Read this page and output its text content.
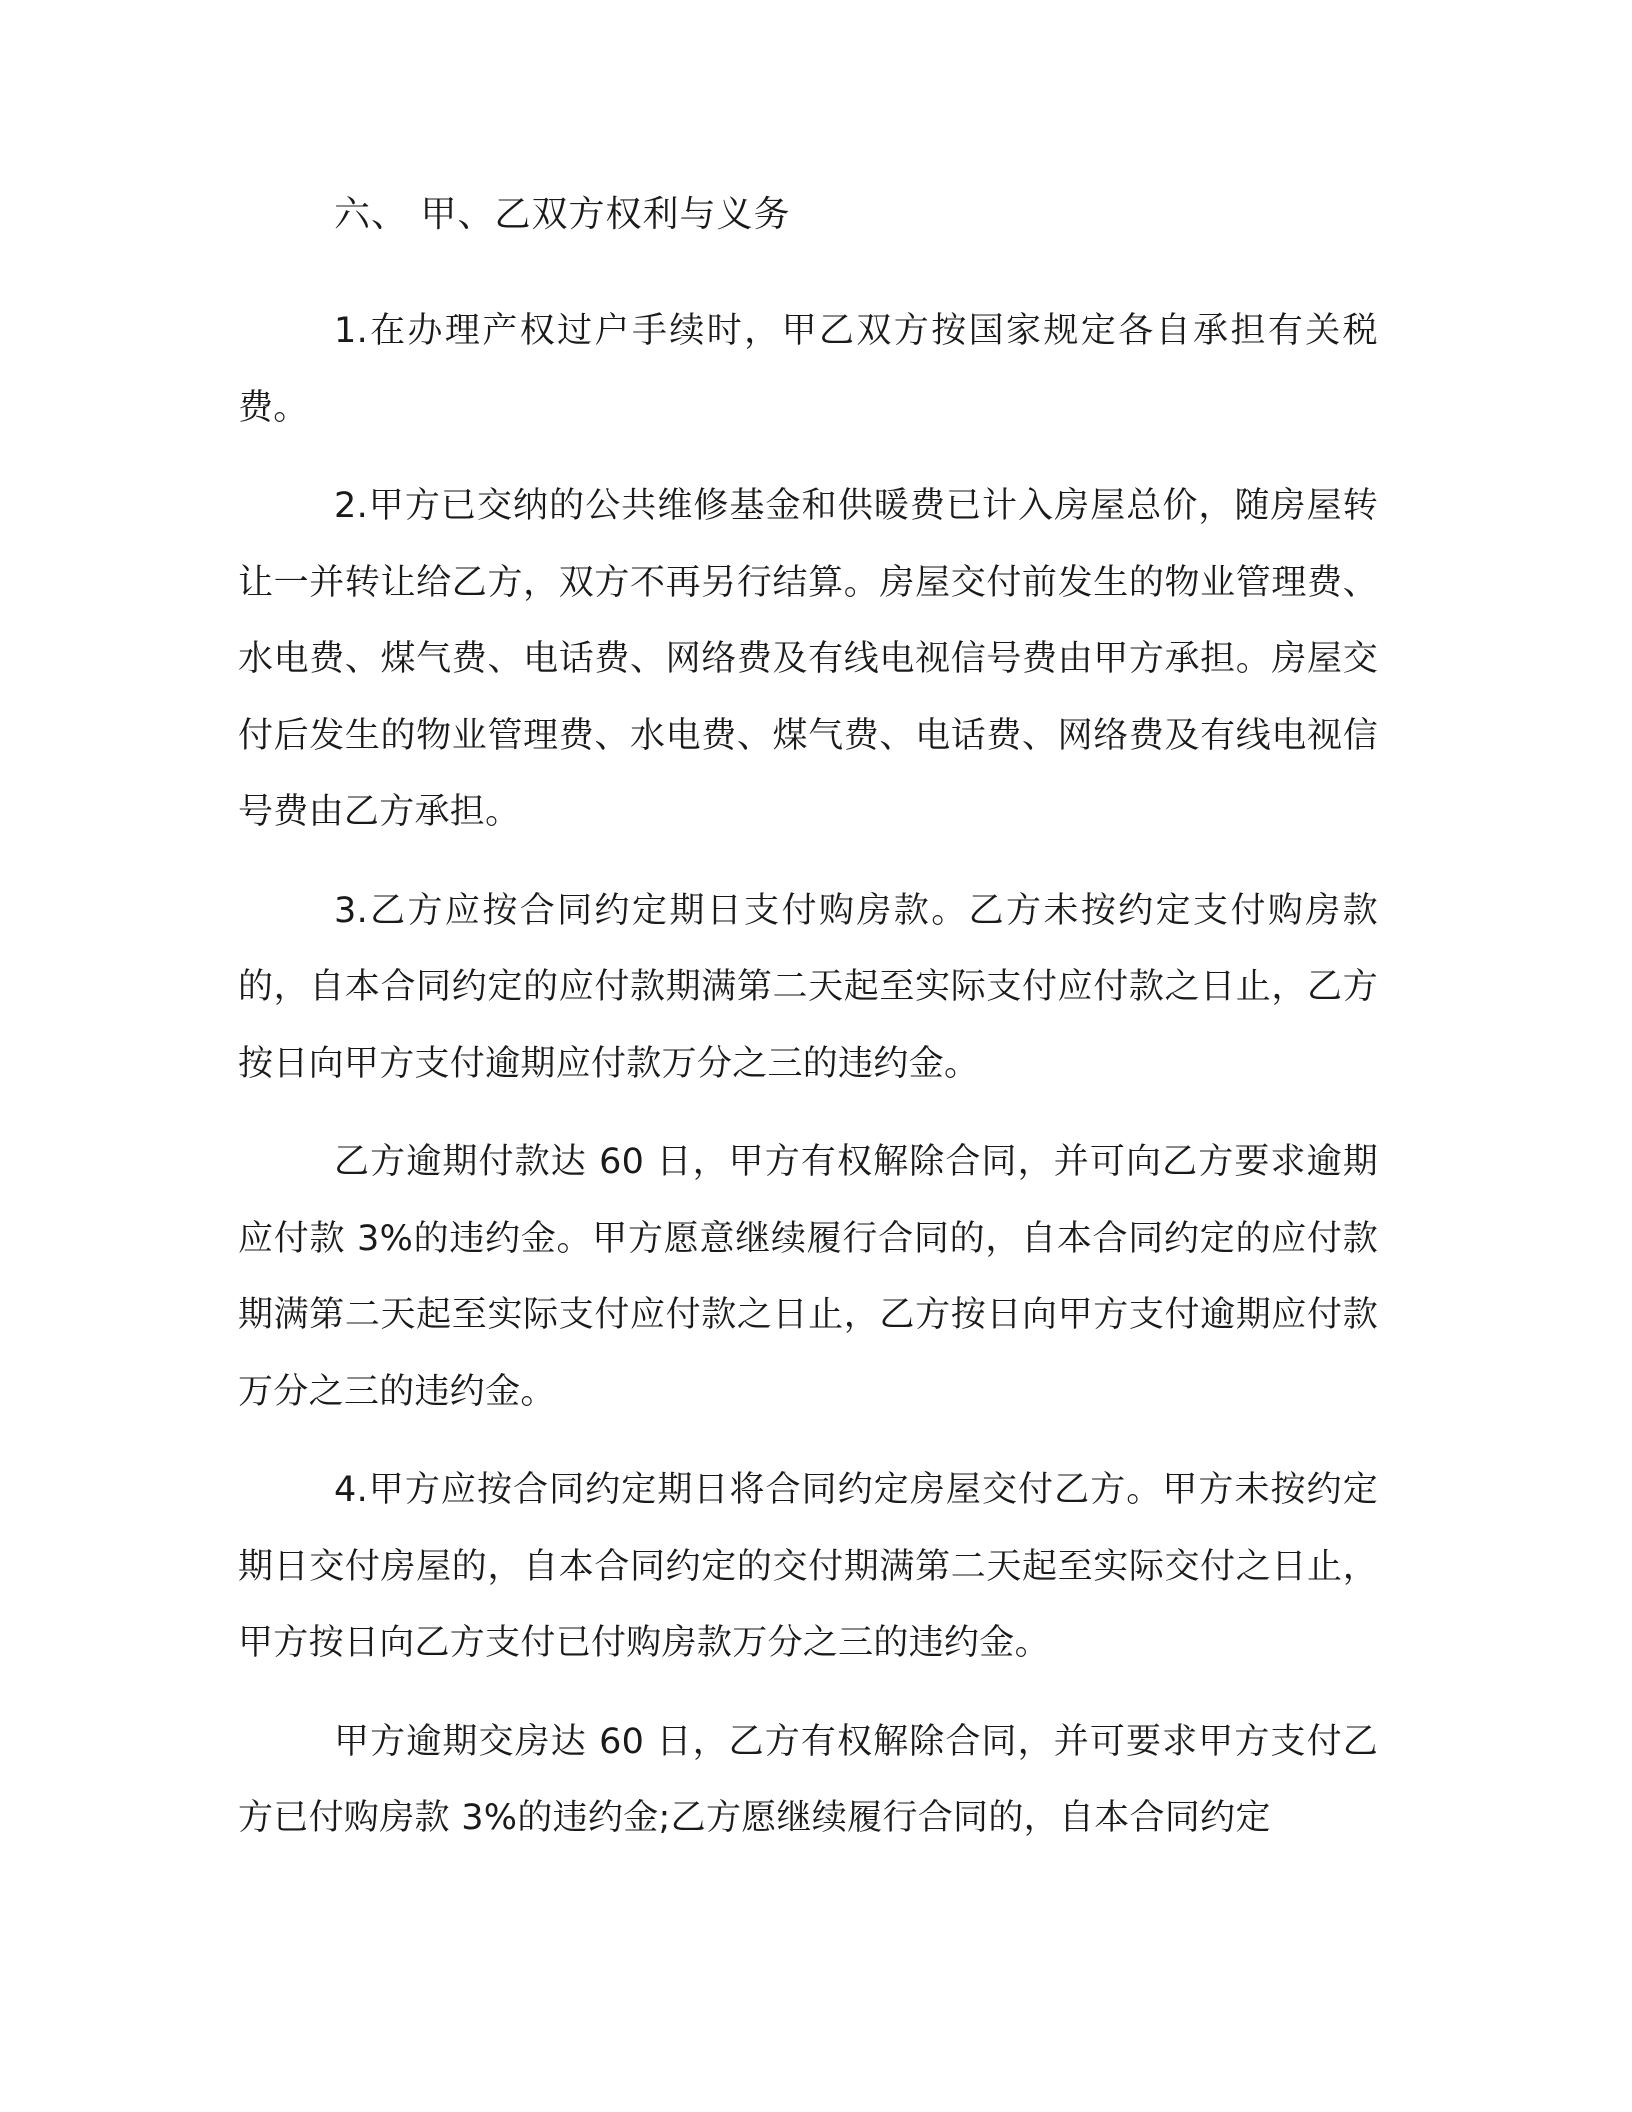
六、 甲、乙双方权利与义务

1.在办理产权过户手续时，甲乙双方按国家规定各自承担有关税费。

2.甲方已交纳的公共维修基金和供暖费已计入房屋总价，随房屋转让一并转让给乙方，双方不再另行结算。房屋交付前发生的物业管理费、水电费、煤气费、电话费、网络费及有线电视信号费由甲方承担。房屋交付后发生的物业管理费、水电费、煤气费、电话费、网络费及有线电视信号费由乙方承担。

3.乙方应按合同约定期日支付购房款。乙方未按约定支付购房款的，自本合同约定的应付款期满第二天起至实际支付应付款之日止，乙方按日向甲方支付逾期应付款万分之三的违约金。

乙方逾期付款达 60 日，甲方有权解除合同，并可向乙方要求逾期应付款 3%的违约金。甲方愿意继续履行合同的，自本合同约定的应付款期满第二天起至实际支付应付款之日止，乙方按日向甲方支付逾期应付款万分之三的违约金。

4.甲方应按合同约定期日将合同约定房屋交付乙方。甲方未按约定期日交付房屋的，自本合同约定的交付期满第二天起至实际交付之日止，甲方按日向乙方支付已付购房款万分之三的违约金。

甲方逾期交房达 60 日，乙方有权解除合同，并可要求甲方支付乙方已付购房款 3%的违约金;乙方愿继续履行合同的，自本合同约定
